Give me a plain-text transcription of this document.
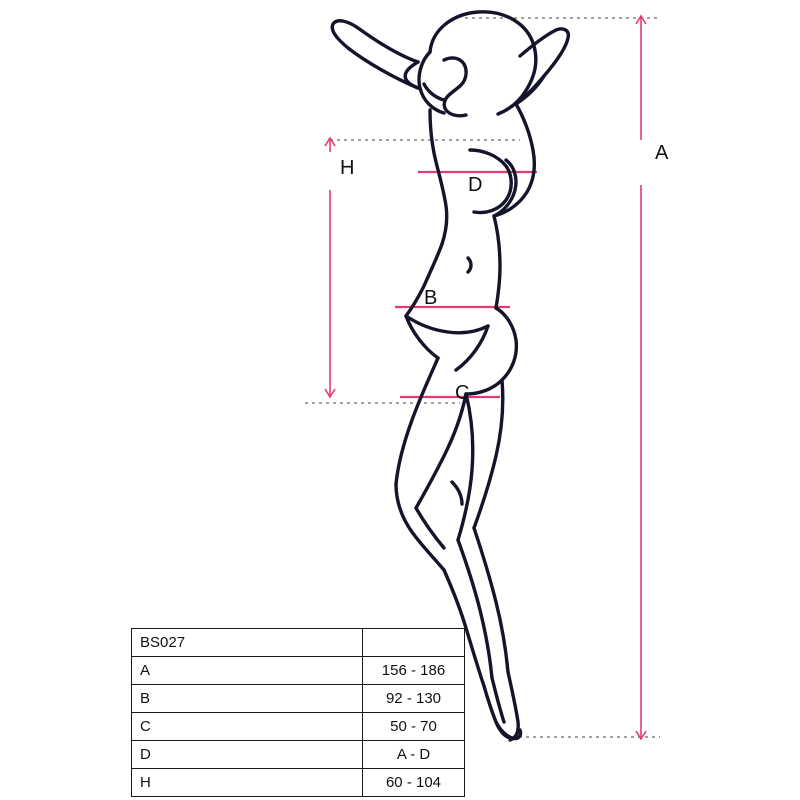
A
B
C
D
H
BS027	
A	156 - 186
B	92 - 130
C	50 - 70
D	A - D
H	60 - 104
